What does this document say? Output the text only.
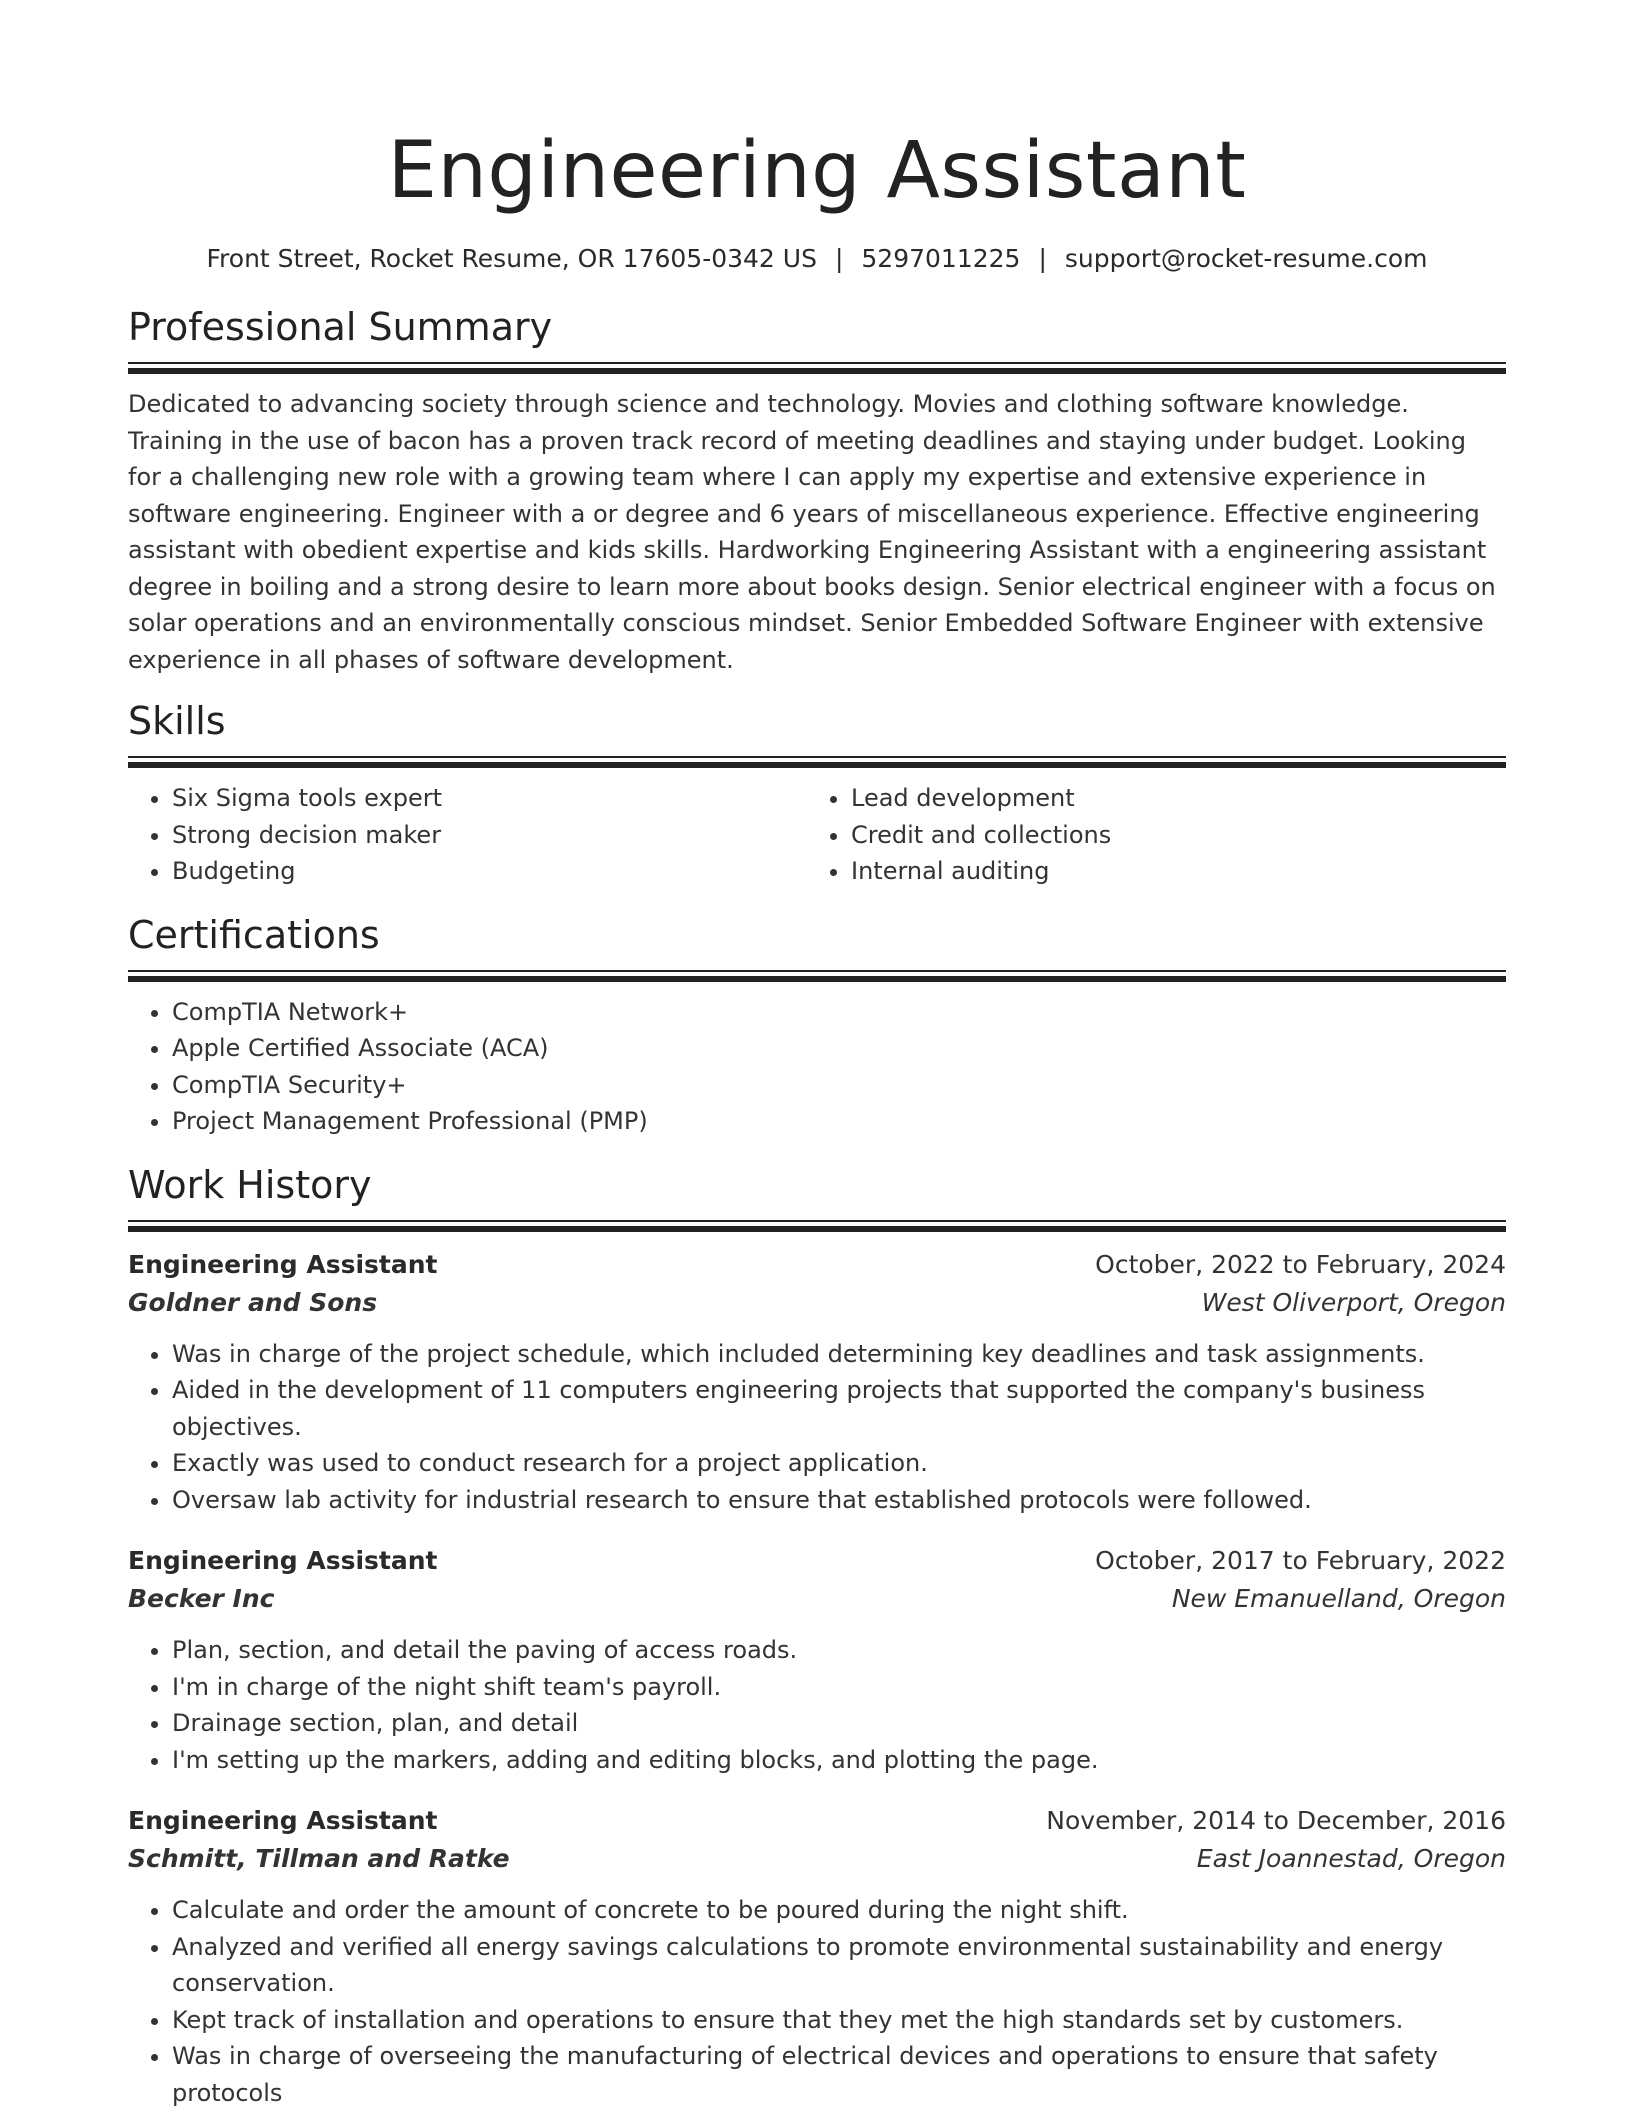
Engineering Assistant
Front Street, Rocket Resume, OR 17605-0342 US | 5297011225 | support@rocket-resume.com
Professional Summary
Dedicated to advancing society through science and technology. Movies and clothing software knowledge. Training in the use of bacon has a proven track record of meeting deadlines and staying under budget. Looking for a challenging new role with a growing team where I can apply my expertise and extensive experience in software engineering. Engineer with a or degree and 6 years of miscellaneous experience. Effective engineering assistant with obedient expertise and kids skills. Hardworking Engineering Assistant with a engineering assistant degree in boiling and a strong desire to learn more about books design. Senior electrical engineer with a focus on solar operations and an environmentally conscious mindset. Senior Embedded Software Engineer with extensive experience in all phases of software development.
Skills
• Six Sigma tools expert
• Strong decision maker
• Budgeting
• Lead development
• Credit and collections
• Internal auditing
Certifications
• CompTIA Network+
• Apple Certified Associate (ACA)
• CompTIA Security+
• Project Management Professional (PMP)
Work History
Engineering Assistant	October, 2022 to February, 2024
Goldner and Sons	West Oliverport, Oregon
• Was in charge of the project schedule, which included determining key deadlines and task assignments.
• Aided in the development of 11 computers engineering projects that supported the company's business objectives.
• Exactly was used to conduct research for a project application.
• Oversaw lab activity for industrial research to ensure that established protocols were followed.
Engineering Assistant	October, 2017 to February, 2022
Becker Inc	New Emanuelland, Oregon
• Plan, section, and detail the paving of access roads.
• I'm in charge of the night shift team's payroll.
• Drainage section, plan, and detail
• I'm setting up the markers, adding and editing blocks, and plotting the page.
Engineering Assistant	November, 2014 to December, 2016
Schmitt, Tillman and Ratke	East Joannestad, Oregon
• Calculate and order the amount of concrete to be poured during the night shift.
• Analyzed and verified all energy savings calculations to promote environmental sustainability and energy conservation.
• Kept track of installation and operations to ensure that they met the high standards set by customers.
• Was in charge of overseeing the manufacturing of electrical devices and operations to ensure that safety protocols
